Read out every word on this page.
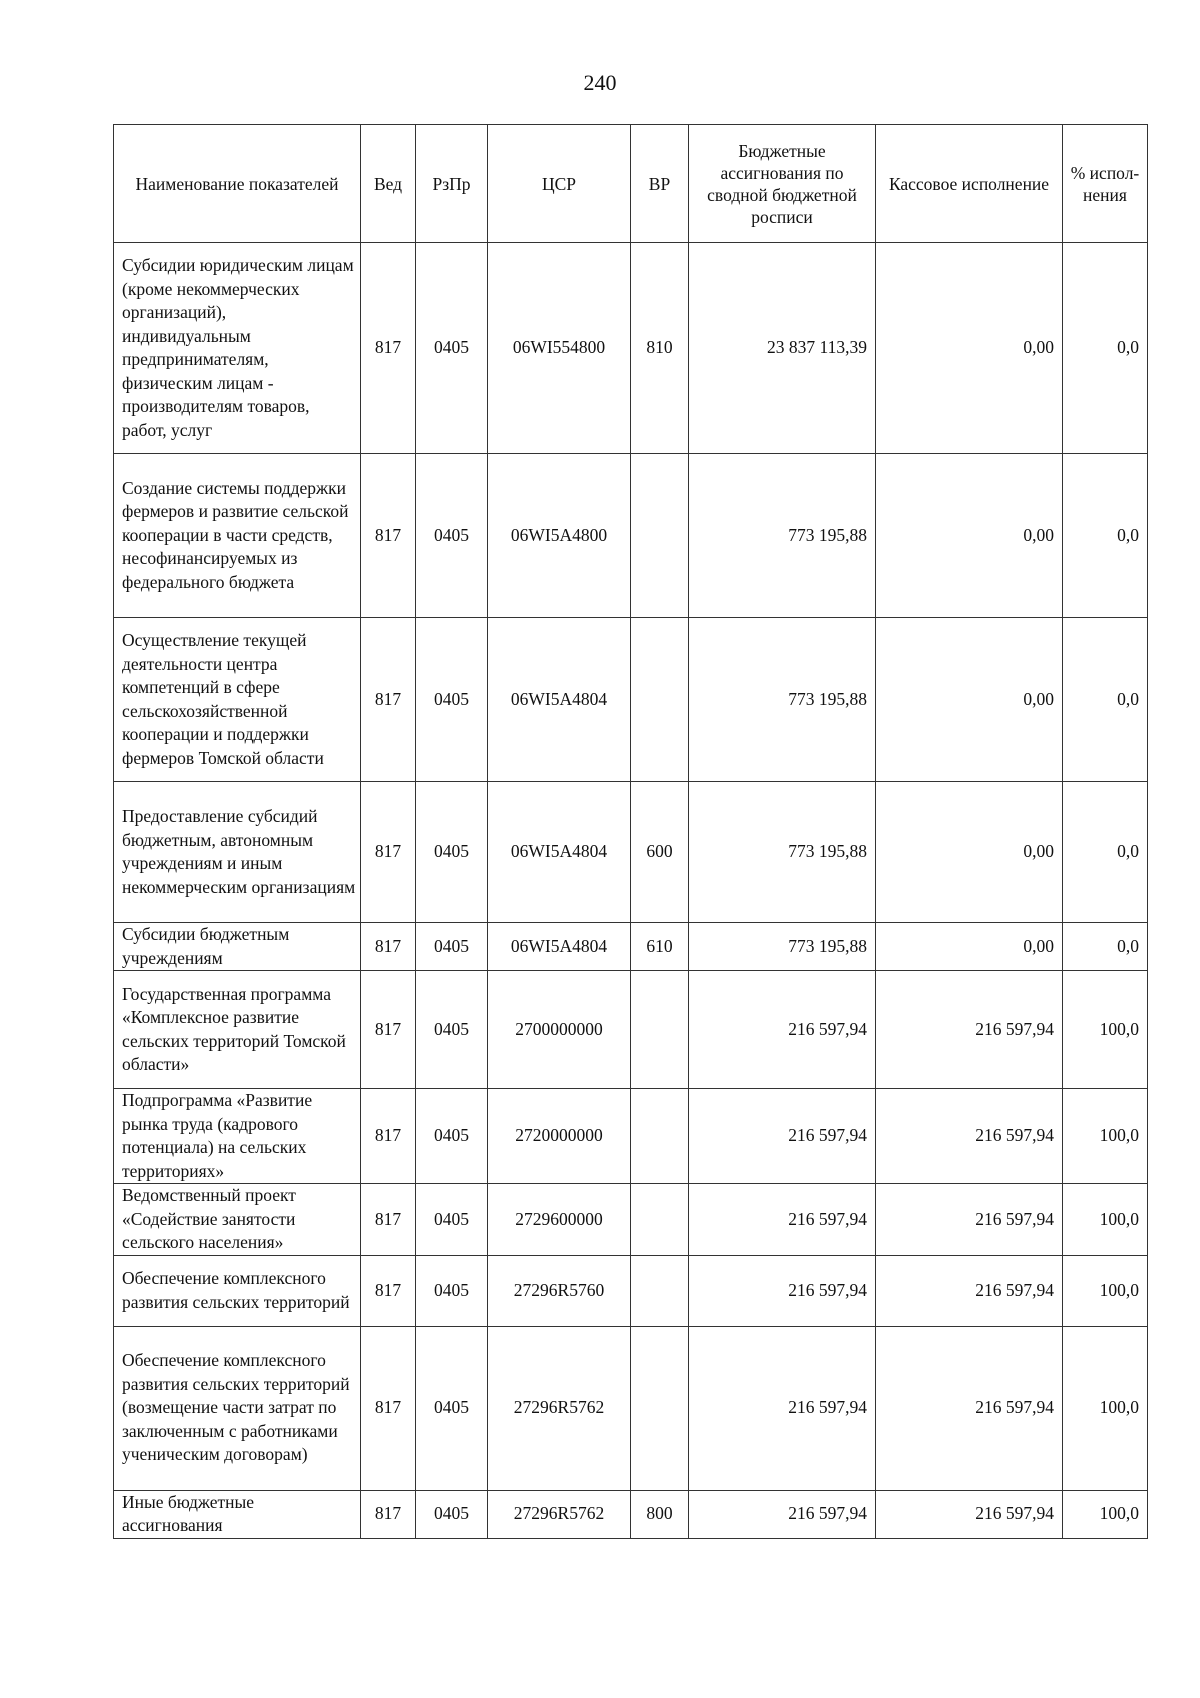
240
Наименование показателей	Вед	РзПр	ЦСР	ВР	Бюджетные ассигнования по сводной бюджетной росписи	Кассовое исполнение	% испол-нения
Субсидии юридическим лицам (кроме некоммерческих организаций), индивидуальным предпринимателям, физическим лицам - производителям товаров, работ, услуг	817	0405	06WI554800	810	23 837 113,39	0,00	0,0
Создание системы поддержки фермеров и развитие сельской кооперации в части средств, несофинансируемых из федерального бюджета	817	0405	06WI5A4800		773 195,88	0,00	0,0
Осуществление текущей деятельности центра компетенций в сфере сельскохозяйственной кооперации и поддержки фермеров Томской области	817	0405	06WI5A4804		773 195,88	0,00	0,0
Предоставление субсидий бюджетным, автономным учреждениям и иным некоммерческим организациям	817	0405	06WI5A4804	600	773 195,88	0,00	0,0
Субсидии бюджетным учреждениям	817	0405	06WI5A4804	610	773 195,88	0,00	0,0
Государственная программа «Комплексное развитие сельских территорий Томской области»	817	0405	2700000000		216 597,94	216 597,94	100,0
Подпрограмма «Развитие рынка труда (кадрового потенциала) на сельских территориях»	817	0405	2720000000		216 597,94	216 597,94	100,0
Ведомственный проект «Содействие занятости сельского населения»	817	0405	2729600000		216 597,94	216 597,94	100,0
Обеспечение комплексного развития сельских территорий	817	0405	27296R5760		216 597,94	216 597,94	100,0
Обеспечение комплексного развития сельских территорий (возмещение части затрат по заключенным с работниками ученическим договорам)	817	0405	27296R5762		216 597,94	216 597,94	100,0
Иные бюджетные ассигнования	817	0405	27296R5762	800	216 597,94	216 597,94	100,0
